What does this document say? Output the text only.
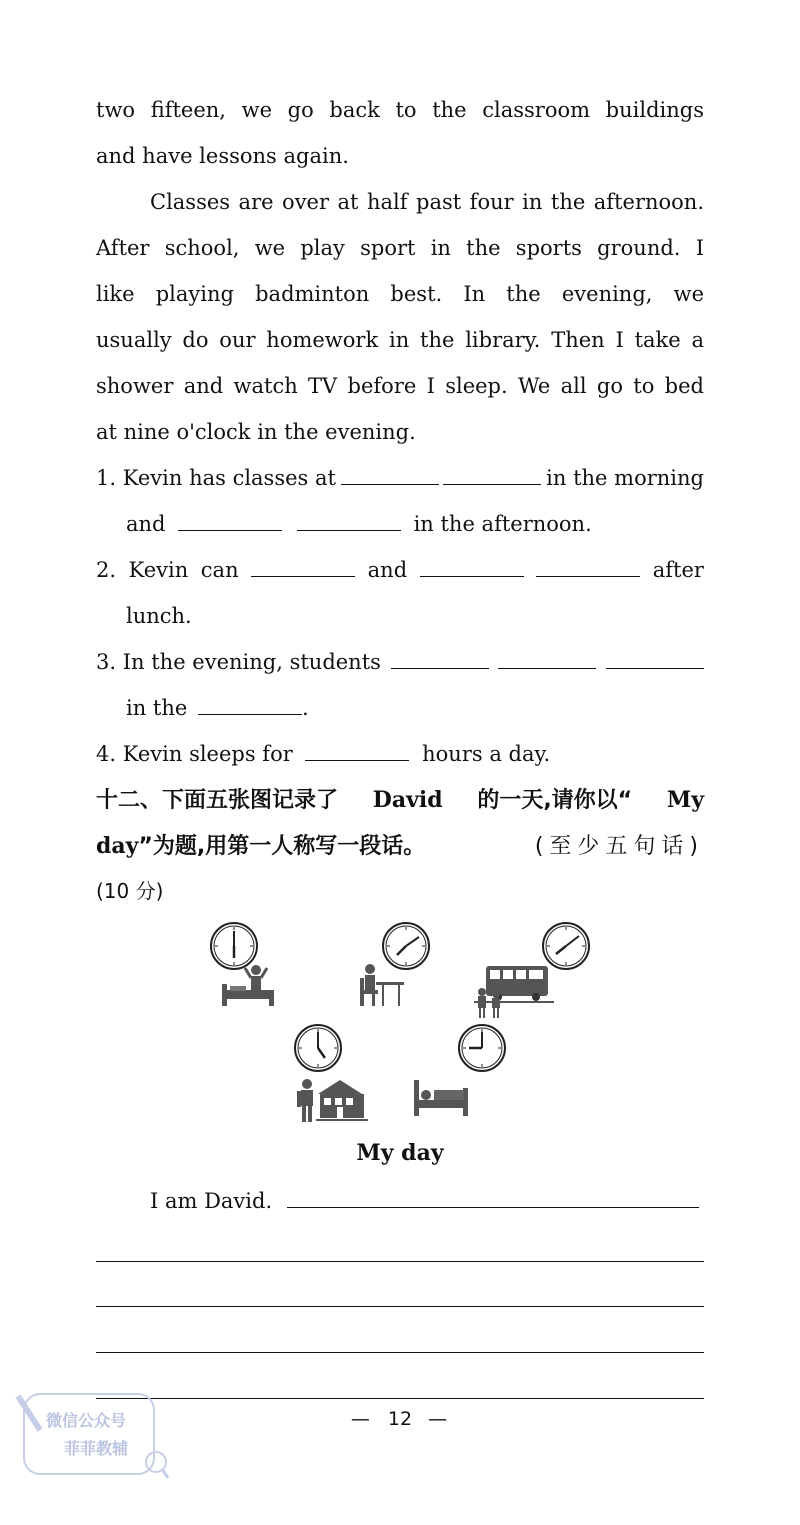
two fifteen, we go back to the classroom buildings
and have lessons again.
Classes are over at half past four in the afternoon.
After school, we play sport in the sports ground. I
like playing badminton best. In the evening, we
usually do our homework in the library. Then I take a
shower and watch TV before I sleep. We all go to bed
at nine o'clock in the evening.
1. Kevin has classes at	in the morning
and	in the afternoon.
2. Kevin can	and	after
lunch.
3. In the evening, students
in the	.
4. Kevin sleeps for	hours a day.
十二、下面五张图记录了 David 的一天,请你以“ My
day”为题,用第一人称写一段话。	(至少五句话)
(10 分)
My day
I am David.
— 12 —
微信公众号
菲菲教辅
